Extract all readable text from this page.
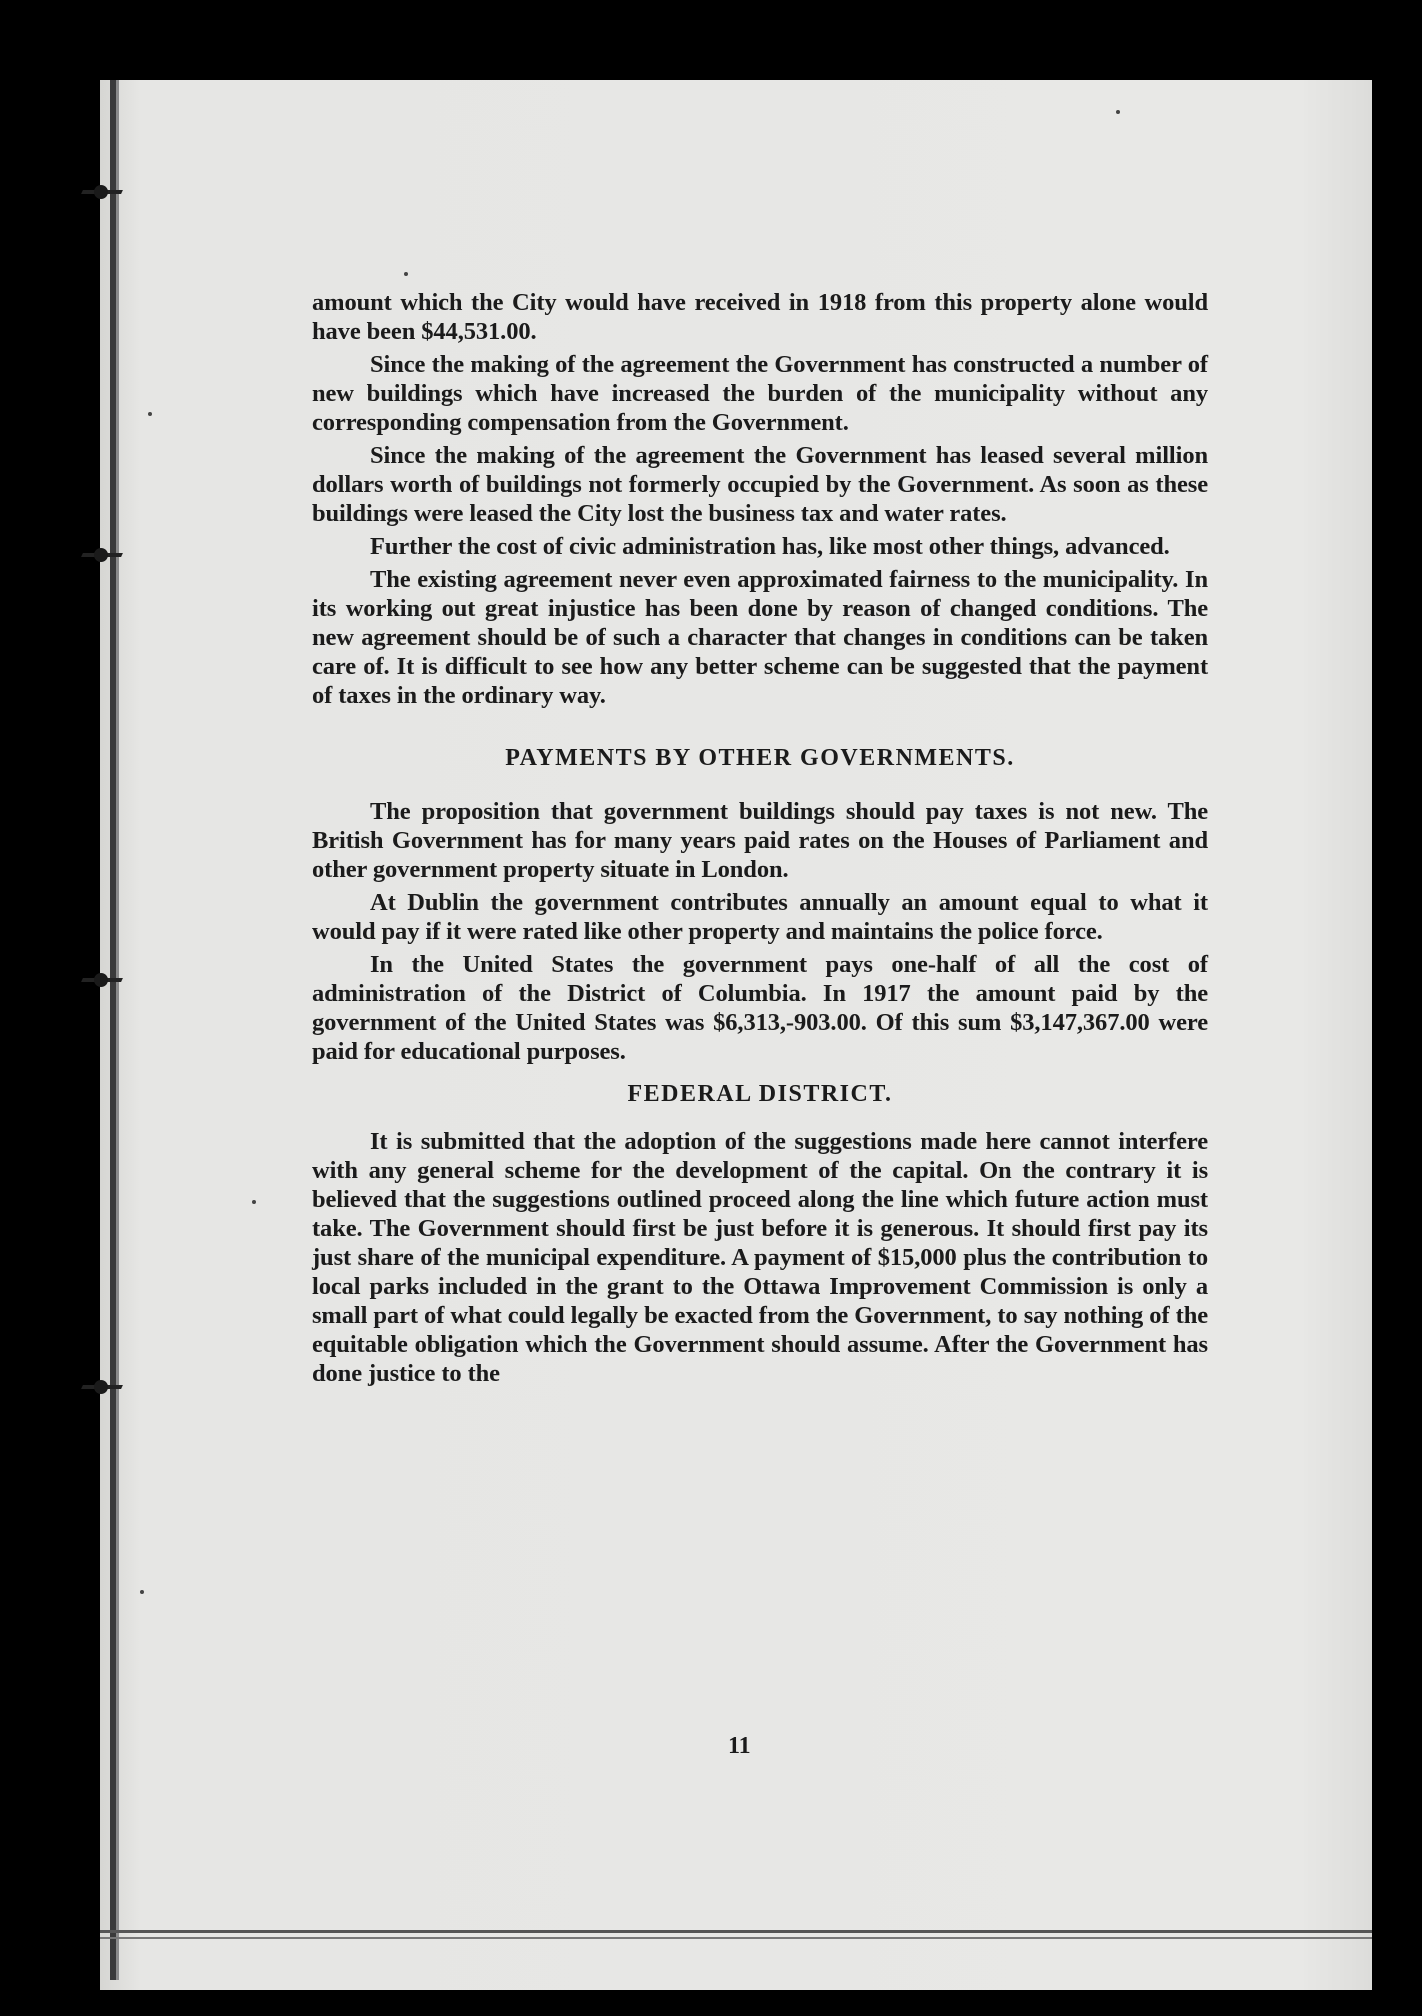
amount which the City would have received in 1918 from this property alone would have been $44,531.00.

Since the making of the agreement the Government has constructed a number of new buildings which have increased the burden of the municipality without any corresponding compensation from the Government.

Since the making of the agreement the Government has leased several million dollars worth of buildings not formerly occupied by the Government. As soon as these buildings were leased the City lost the business tax and water rates.

Further the cost of civic administration has, like most other things, advanced.

The existing agreement never even approximated fairness to the municipality. In its working out great injustice has been done by reason of changed conditions. The new agreement should be of such a character that changes in conditions can be taken care of. It is difficult to see how any better scheme can be suggested that the payment of taxes in the ordinary way.

PAYMENTS BY OTHER GOVERNMENTS.

The proposition that government buildings should pay taxes is not new. The British Government has for many years paid rates on the Houses of Parliament and other government property situate in London.

At Dublin the government contributes annually an amount equal to what it would pay if it were rated like other property and maintains the police force.

In the United States the government pays one-half of all the cost of administration of the District of Columbia. In 1917 the amount paid by the government of the United States was $6,313,-903.00. Of this sum $3,147,367.00 were paid for educational purposes.

FEDERAL DISTRICT.

It is submitted that the adoption of the suggestions made here cannot interfere with any general scheme for the development of the capital. On the contrary it is believed that the suggestions outlined proceed along the line which future action must take. The Government should first be just before it is generous. It should first pay its just share of the municipal expenditure. A payment of $15,000 plus the contribution to local parks included in the grant to the Ottawa Improvement Commission is only a small part of what could legally be exacted from the Government, to say nothing of the equitable obligation which the Government should assume. After the Government has done justice to the

11
